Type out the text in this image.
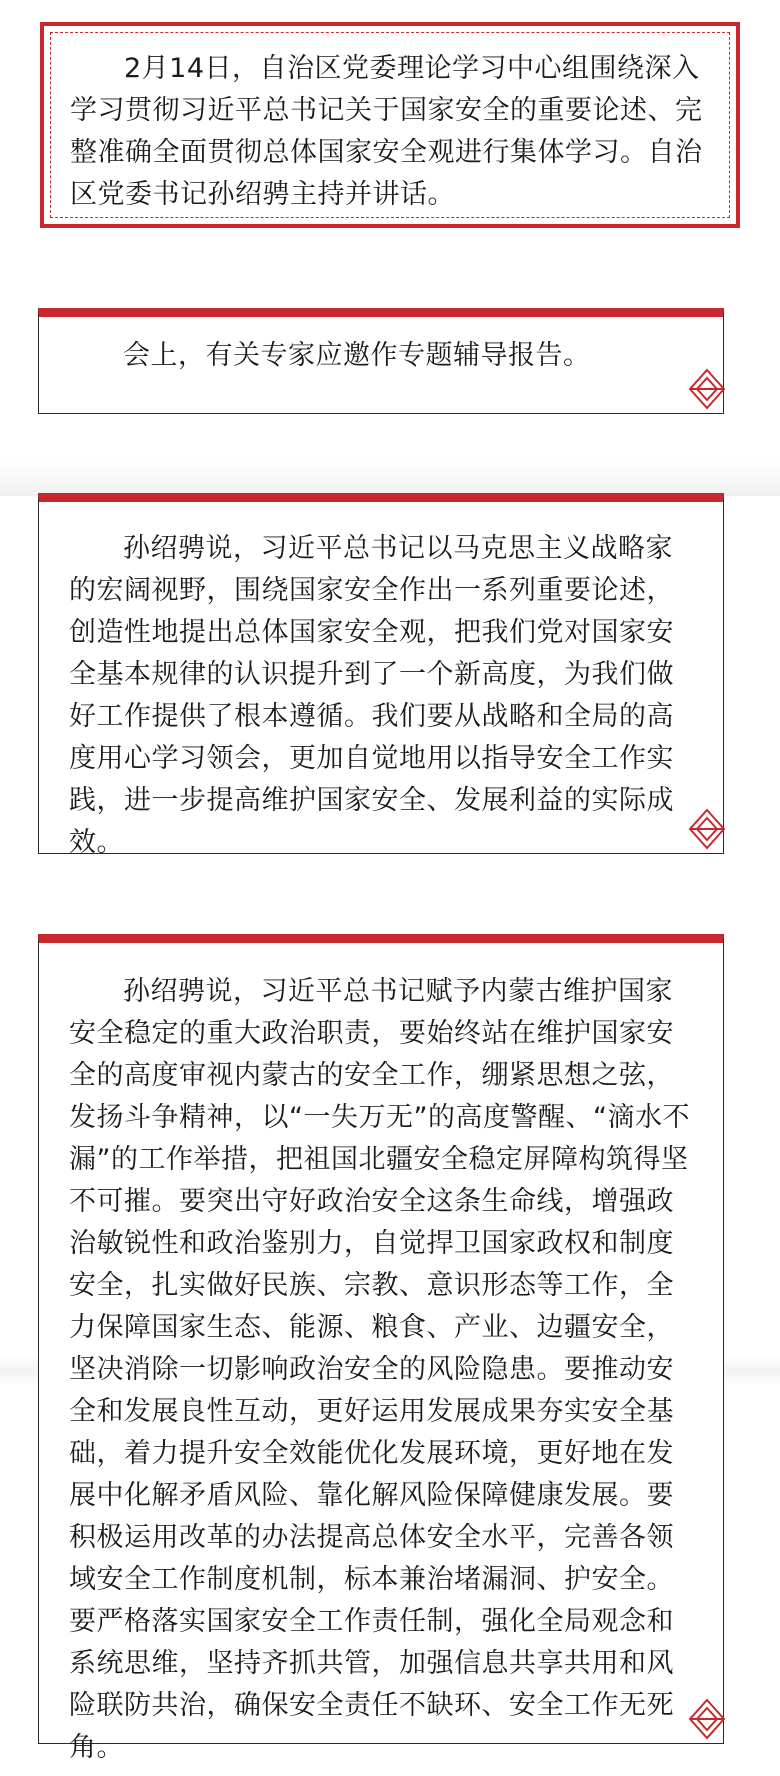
2月14日，自治区党委理论学习中心组围绕深入学习贯彻习近平总书记关于国家安全的重要论述、完整准确全面贯彻总体国家安全观进行集体学习。自治区党委书记孙绍骋主持并讲话。

会上，有关专家应邀作专题辅导报告。

孙绍骋说，习近平总书记以马克思主义战略家的宏阔视野，围绕国家安全作出一系列重要论述，创造性地提出总体国家安全观，把我们党对国家安全基本规律的认识提升到了一个新高度，为我们做好工作提供了根本遵循。我们要从战略和全局的高度用心学习领会，更加自觉地用以指导安全工作实践，进一步提高维护国家安全、发展利益的实际成效。

孙绍骋说，习近平总书记赋予内蒙古维护国家安全稳定的重大政治职责，要始终站在维护国家安全的高度审视内蒙古的安全工作，绷紧思想之弦，发扬斗争精神，以“一失万无”的高度警醒、“滴水不漏”的工作举措，把祖国北疆安全稳定屏障构筑得坚不可摧。要突出守好政治安全这条生命线，增强政治敏锐性和政治鉴别力，自觉捍卫国家政权和制度安全，扎实做好民族、宗教、意识形态等工作，全力保障国家生态、能源、粮食、产业、边疆安全，坚决消除一切影响政治安全的风险隐患。要推动安全和发展良性互动，更好运用发展成果夯实安全基础，着力提升安全效能优化发展环境，更好地在发展中化解矛盾风险、靠化解风险保障健康发展。要积极运用改革的办法提高总体安全水平，完善各领域安全工作制度机制，标本兼治堵漏洞、护安全。要严格落实国家安全工作责任制，强化全局观念和系统思维，坚持齐抓共管，加强信息共享共用和风险联防共治，确保安全责任不缺环、安全工作无死角。
